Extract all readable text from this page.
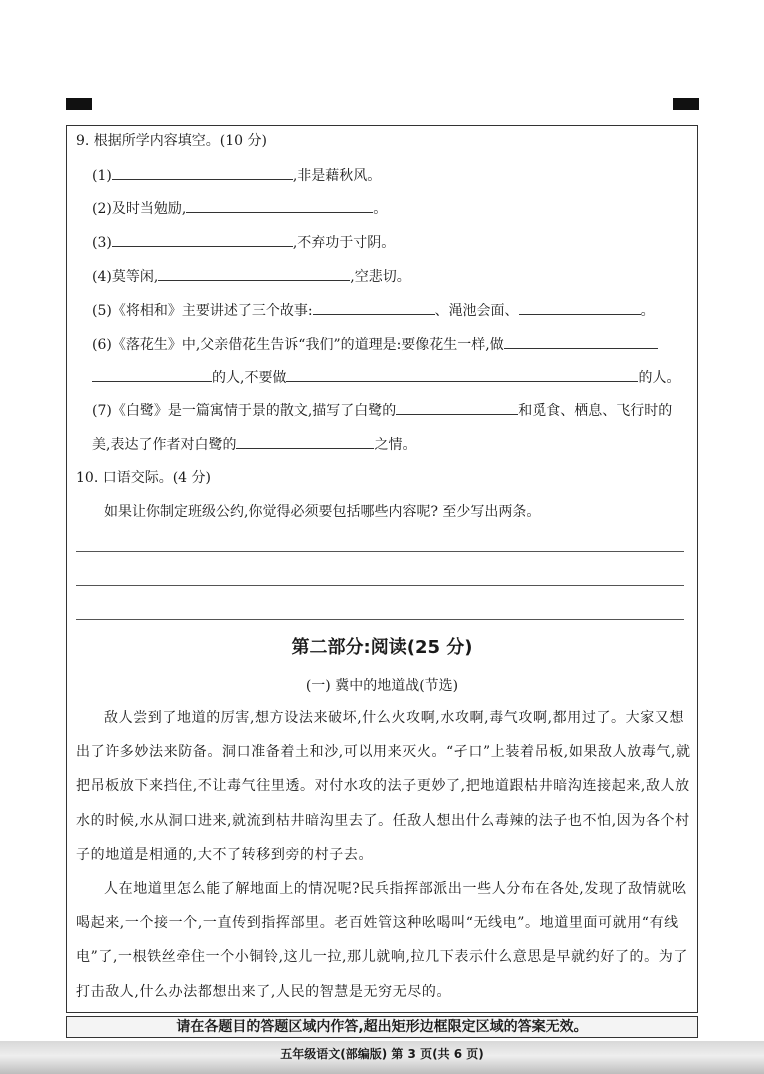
9. 根据所学内容填空。(10 分)
(1)	,非是藉秋风。
(2)及时当勉励,	。
(3)	,不弃功于寸阴。
(4)莫等闲,	,空悲切。
(5)《将相和》主要讲述了三个故事:	、渑池会面、	。
(6)《落花生》中,父亲借花生告诉“我们”的道理是:要像花生一样,做
的人,不要做	的人。
(7)《白鹭》是一篇寓情于景的散文,描写了白鹭的	和觅食、栖息、飞行时的
美,表达了作者对白鹭的	之情。
10. 口语交际。(4 分)
如果让你制定班级公约,你觉得必须要包括哪些内容呢? 至少写出两条。
第二部分:阅读(25 分)
(一) 冀中的地道战(节选)

敌人尝到了地道的厉害,想方设法来破坏,什么火攻啊,水攻啊,毒气攻啊,都用过了。大家又想出了许多妙法来防备。洞口准备着土和沙,可以用来灭火。“孑口”上装着吊板,如果敌人放毒气,就把吊板放下来挡住,不让毒气往里透。对付水攻的法子更妙了,把地道跟枯井暗沟连接起来,敌人放水的时候,水从洞口进来,就流到枯井暗沟里去了。任敌人想出什么毒辣的法子也不怕,因为各个村子的地道是相通的,大不了转移到旁的村子去。

人在地道里怎么能了解地面上的情况呢?民兵指挥部派出一些人分布在各处,发现了敌情就吆喝起来,一个接一个,一直传到指挥部里。老百姓管这种吆喝叫“无线电”。地道里面可就用“有线电”了,一根铁丝牵住一个小铜铃,这儿一拉,那儿就响,拉几下表示什么意思是早就约好了的。为了打击敌人,什么办法都想出来了,人民的智慧是无穷无尽的。

请在各题目的答题区域内作答,超出矩形边框限定区域的答案无效。
五年级语文(部编版) 第 3 页(共 6 页)
